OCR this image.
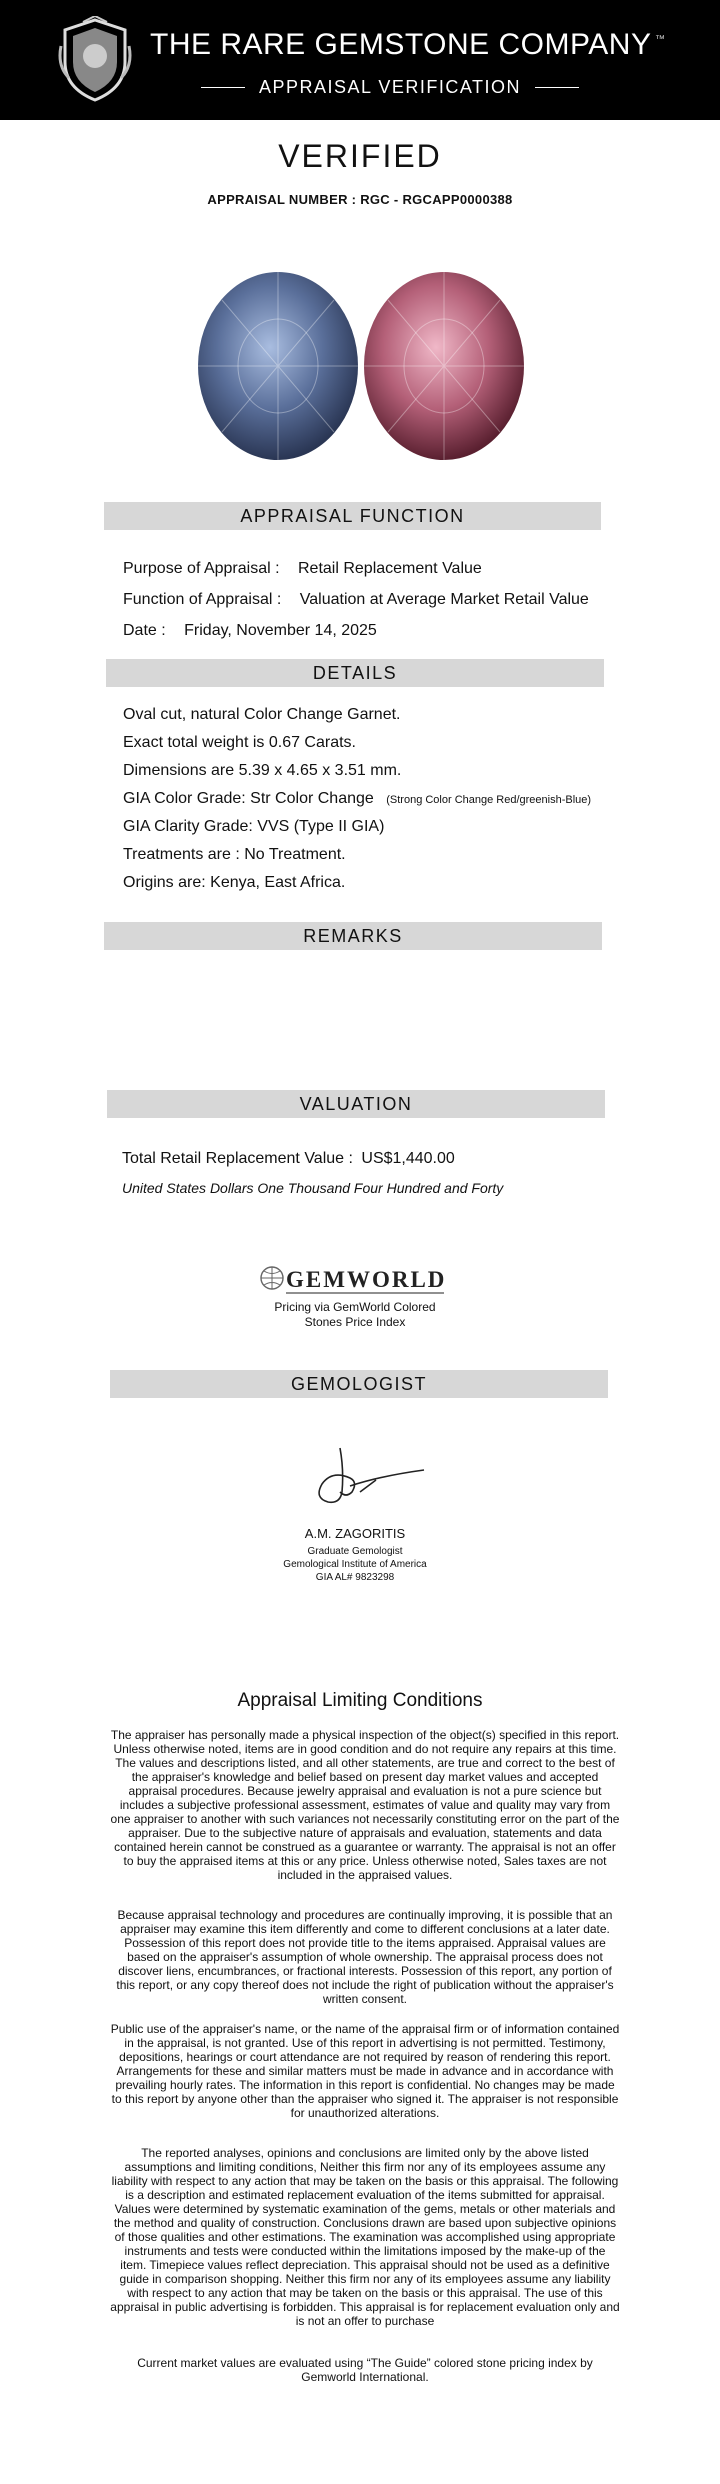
THE RARE GEMSTONE COMPANY ™
APPRAISAL VERIFICATION
VERIFIED
APPRAISAL NUMBER : RGC - RGCAPP0000388
APPRAISAL FUNCTION
Purpose of Appraisal : Retail Replacement Value
Function of Appraisal : Valuation at Average Market Retail Value
Date : Friday, November 14, 2025
DETAILS
Oval cut, natural Color Change Garnet.
Exact total weight is 0.67 Carats.
Dimensions are 5.39 x 4.65 x 3.51 mm.
GIA Color Grade: Str Color Change (Strong Color Change Red/greenish-Blue)
GIA Clarity Grade: VVS (Type II GIA)
Treatments are : No Treatment.
Origins are: Kenya, East Africa.
REMARKS
VALUATION
Total Retail Replacement Value : US$1,440.00
United States Dollars One Thousand Four Hundred and Forty
GEMWORLD
Pricing via GemWorld Colored
Stones Price Index
GEMOLOGIST
A.M. ZAGORITIS
Graduate Gemologist
Gemological Institute of America
GIA AL# 9823298
Appraisal Limiting Conditions
The appraiser has personally made a physical inspection of the object(s) specified in this report. Unless otherwise noted, items are in good condition and do not require any repairs at this time. The values and descriptions listed, and all other statements, are true and correct to the best of the appraiser's knowledge and belief based on present day market values and accepted appraisal procedures. Because jewelry appraisal and evaluation is not a pure science but includes a subjective professional assessment, estimates of value and quality may vary from one appraiser to another with such variances not necessarily constituting error on the part of the appraiser. Due to the subjective nature of appraisals and evaluation, statements and data contained herein cannot be construed as a guarantee or warranty. The appraisal is not an offer to buy the appraised items at this or any price. Unless otherwise noted, Sales taxes are not included in the appraised values.
Because appraisal technology and procedures are continually improving, it is possible that an appraiser may examine this item differently and come to different conclusions at a later date. Possession of this report does not provide title to the items appraised. Appraisal values are based on the appraiser's assumption of whole ownership. The appraisal process does not discover liens, encumbrances, or fractional interests. Possession of this report, any portion of this report, or any copy thereof does not include the right of publication without the appraiser's written consent.
Public use of the appraiser's name, or the name of the appraisal firm or of information contained in the appraisal, is not granted. Use of this report in advertising is not permitted. Testimony, depositions, hearings or court attendance are not required by reason of rendering this report. Arrangements for these and similar matters must be made in advance and in accordance with prevailing hourly rates. The information in this report is confidential. No changes may be made to this report by anyone other than the appraiser who signed it. The appraiser is not responsible for unauthorized alterations.
The reported analyses, opinions and conclusions are limited only by the above listed assumptions and limiting conditions, Neither this firm nor any of its employees assume any liability with respect to any action that may be taken on the basis or this appraisal. The following is a description and estimated replacement evaluation of the items submitted for appraisal. Values were determined by systematic examination of the gems, metals or other materials and the method and quality of construction. Conclusions drawn are based upon subjective opinions of those qualities and other estimations. The examination was accomplished using appropriate instruments and tests were conducted within the limitations imposed by the make-up of the item. Timepiece values reflect depreciation. This appraisal should not be used as a definitive guide in comparison shopping. Neither this firm nor any of its employees assume any liability with respect to any action that may be taken on the basis or this appraisal. The use of this appraisal in public advertising is forbidden. This appraisal is for replacement evaluation only and is not an offer to purchase
Current market values are evaluated using “The Guide” colored stone pricing index by Gemworld International.
